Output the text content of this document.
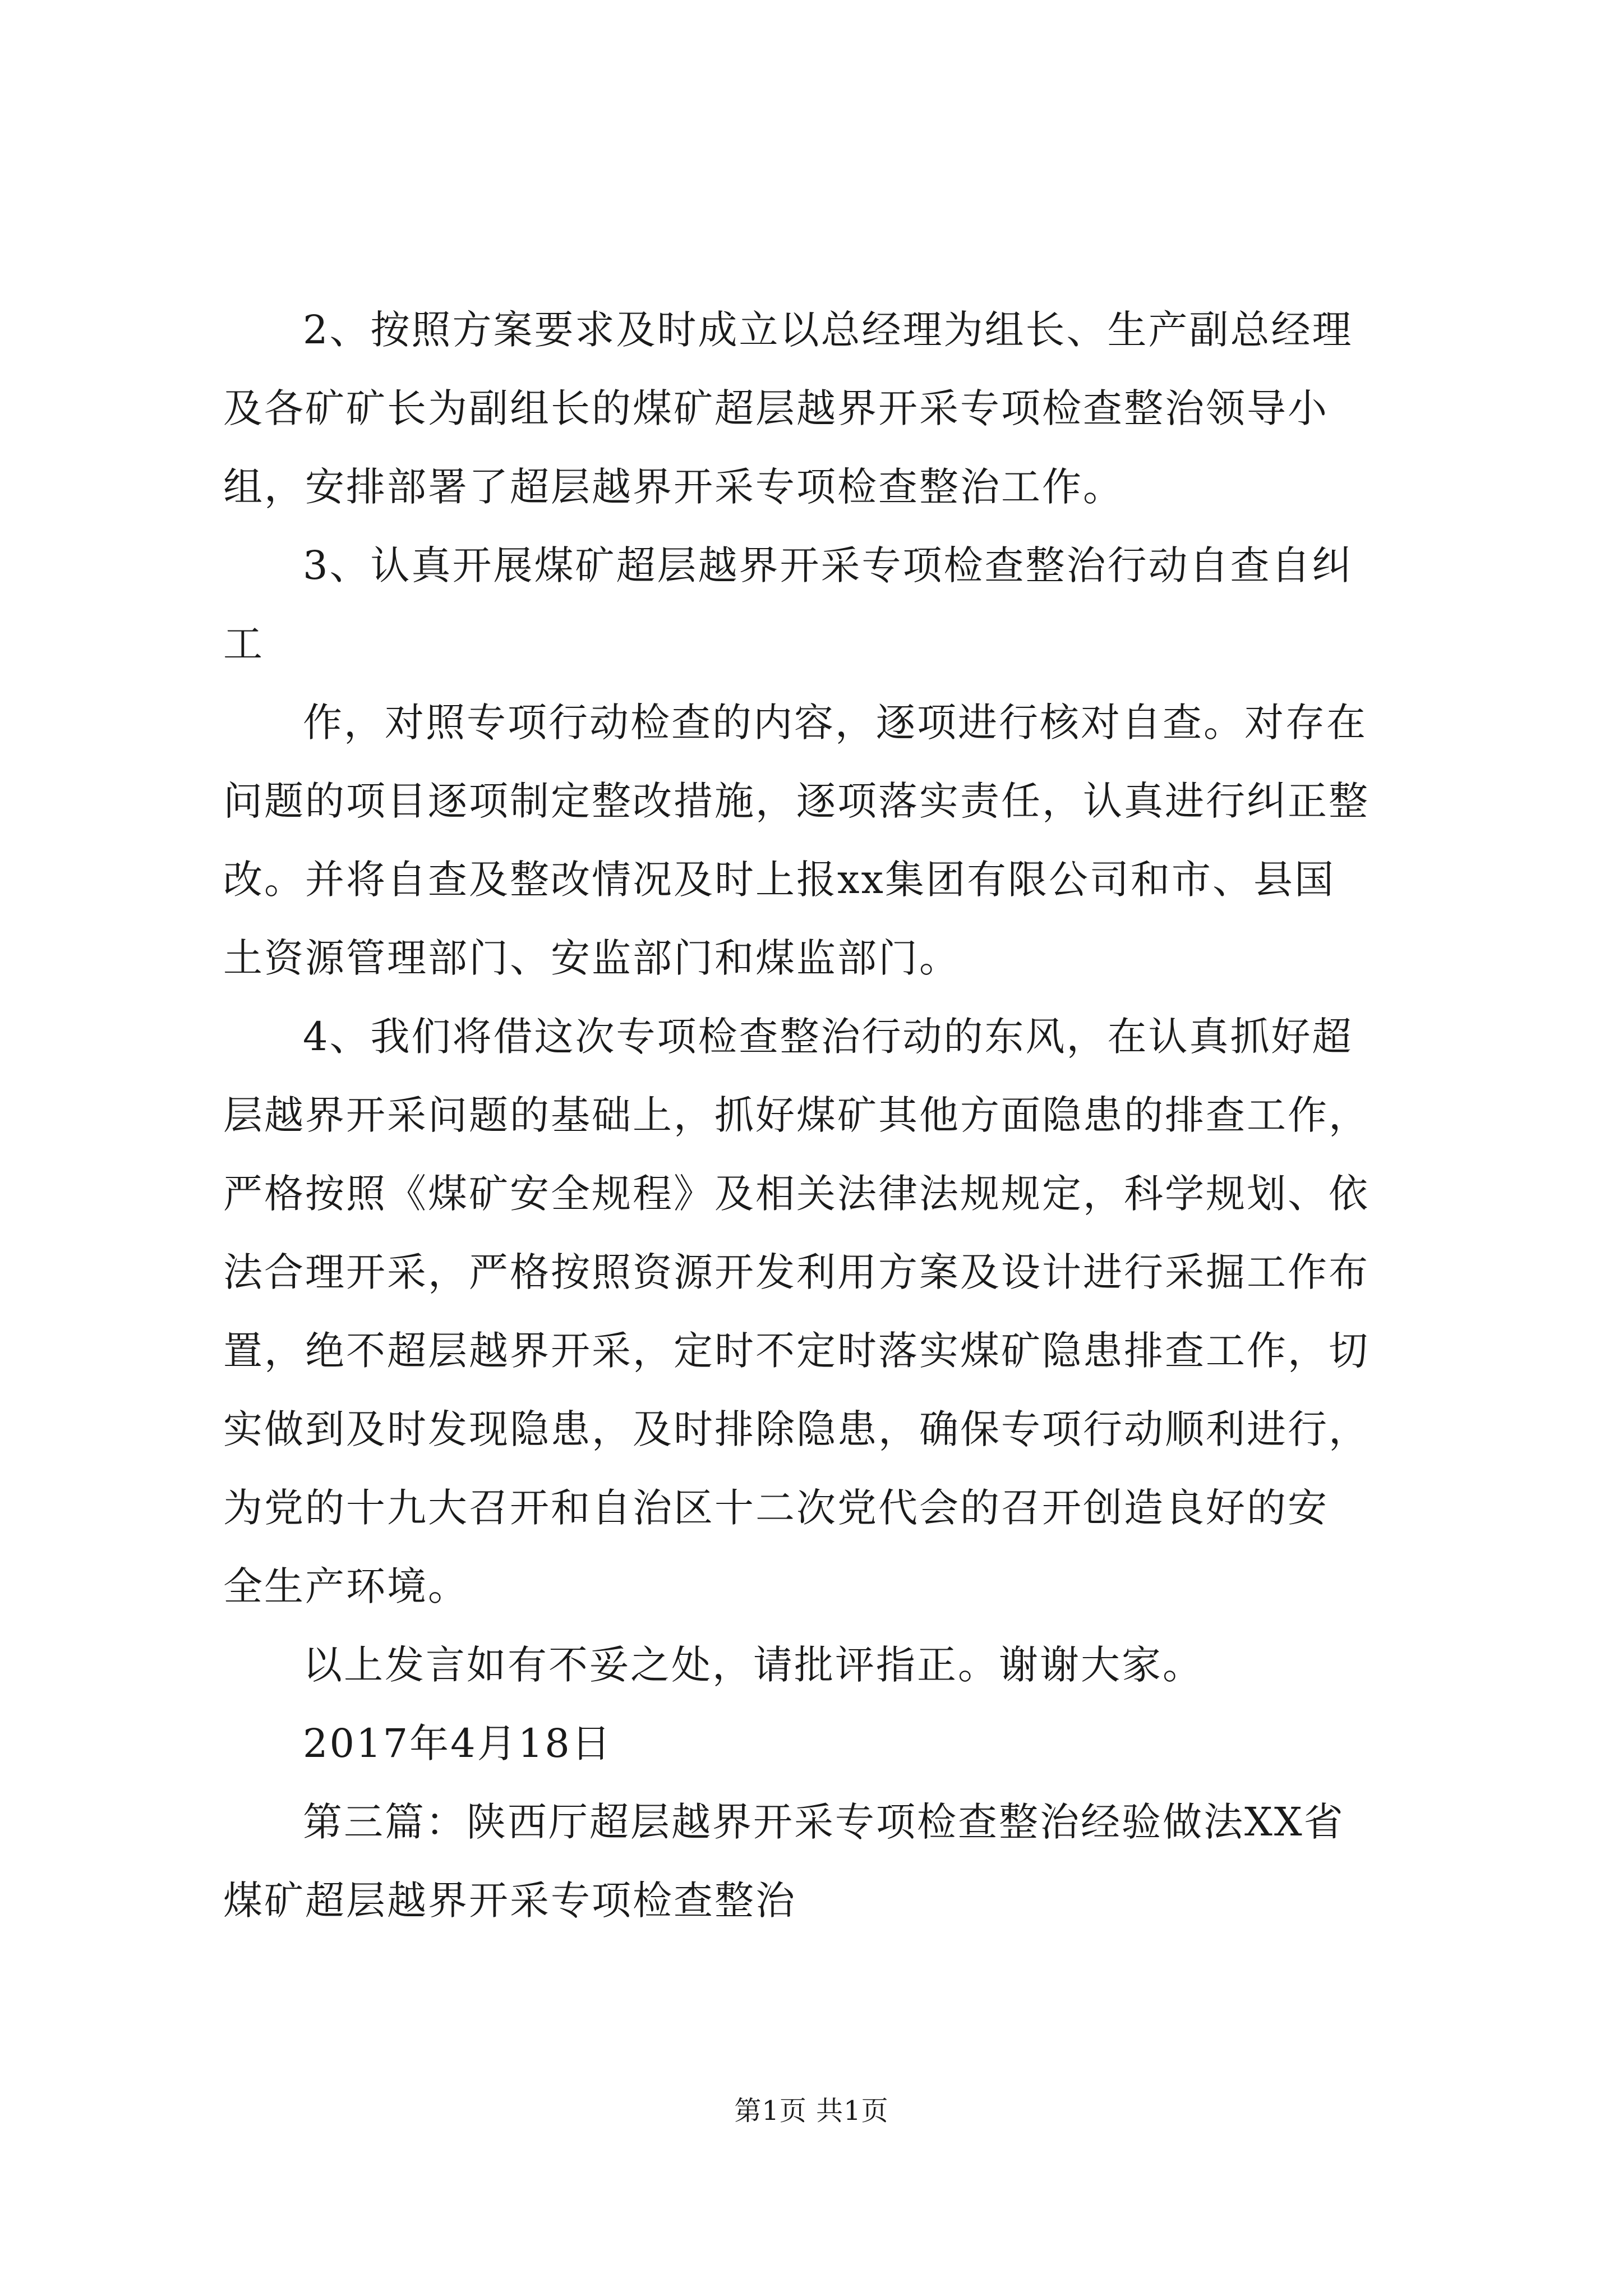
2、按照方案要求及时成立以总经理为组长、生产副总经理
及各矿矿长为副组长的煤矿超层越界开采专项检查整治领导小
组，安排部署了超层越界开采专项检查整治工作。
3、认真开展煤矿超层越界开采专项检查整治行动自查自纠
工
作，对照专项行动检查的内容，逐项进行核对自查。对存在
问题的项目逐项制定整改措施，逐项落实责任，认真进行纠正整
改。并将自查及整改情况及时上报xx集团有限公司和市、县国
土资源管理部门、安监部门和煤监部门。
4、我们将借这次专项检查整治行动的东风，在认真抓好超
层越界开采问题的基础上，抓好煤矿其他方面隐患的排查工作，
严格按照《煤矿安全规程》及相关法律法规规定，科学规划、依
法合理开采，严格按照资源开发利用方案及设计进行采掘工作布
置，绝不超层越界开采，定时不定时落实煤矿隐患排查工作，切
实做到及时发现隐患，及时排除隐患，确保专项行动顺利进行，
为党的十九大召开和自治区十二次党代会的召开创造良好的安
全生产环境。
以上发言如有不妥之处，请批评指正。谢谢大家。
2017年4月18日
第三篇：陕西厅超层越界开采专项检查整治经验做法XX省
煤矿超层越界开采专项检查整治
第1页 共1页
